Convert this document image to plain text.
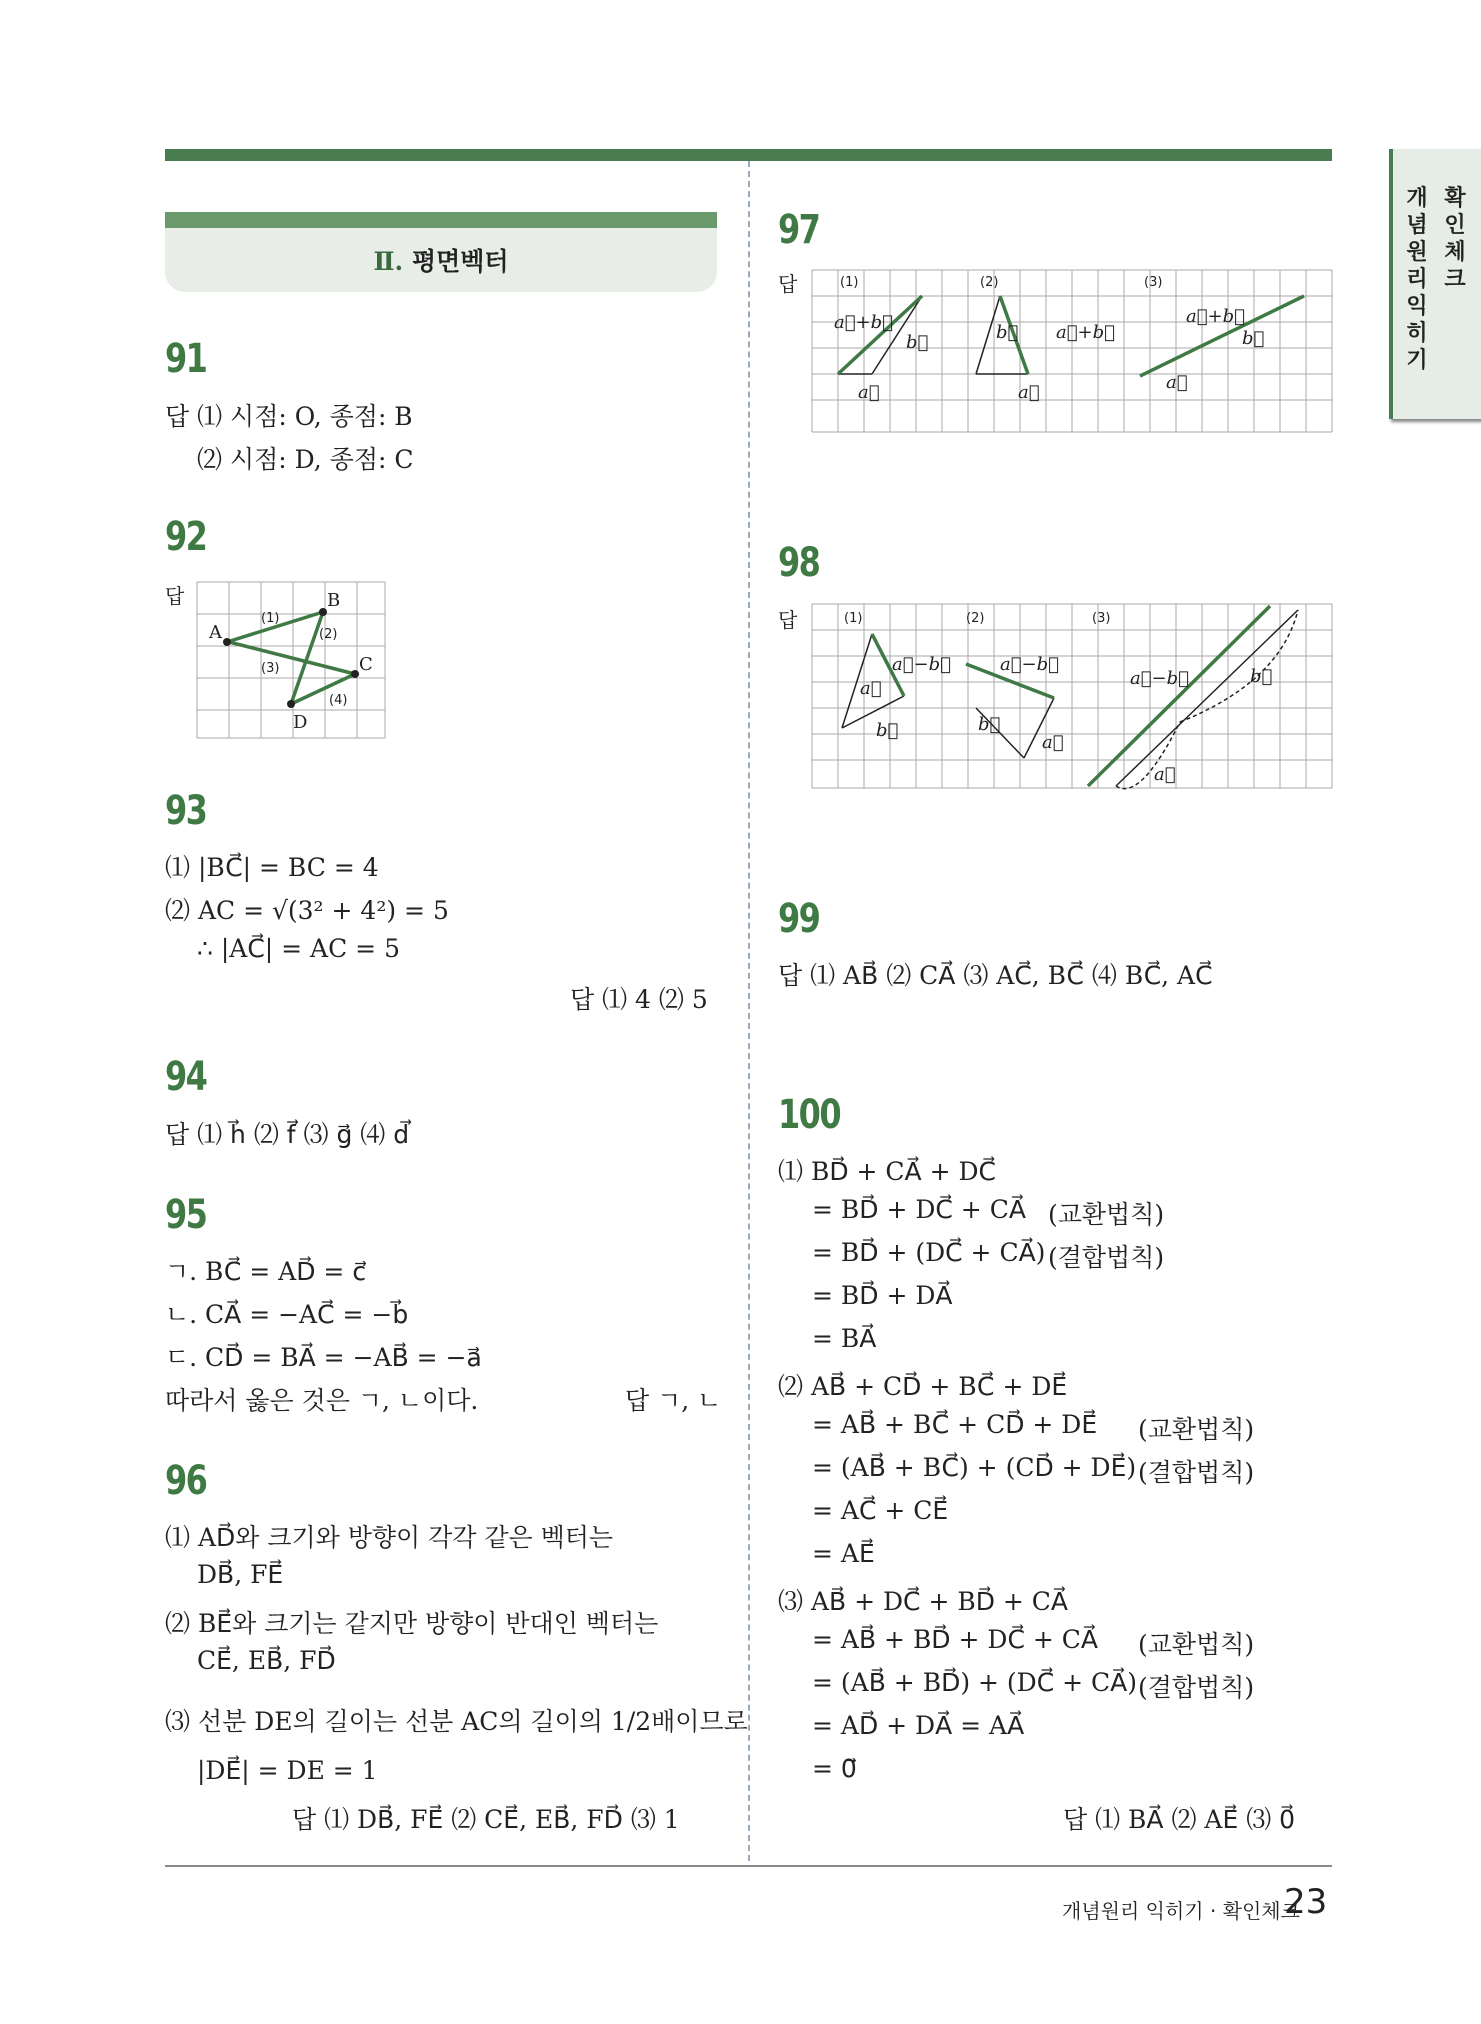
확인체크
개념원리 익히기
Ⅱ. 평면벡터
91
답 ⑴ 시점: O, 종점: B
⑵ 시점: D, 종점: C
92
답
A
B
C
D
(1)
(2)
(3)
(4)
93
⑴ |BC⃗| = BC = 4
⑵ AC = √(3² + 4²) = 5
∴ |AC⃗| = AC = 5
답 ⑴ 4 ⑵ 5
94
답 ⑴ h⃗ ⑵ f⃗ ⑶ g⃗ ⑷ d⃗
95
ㄱ. BC⃗ = AD⃗ = c⃗
ㄴ. CA⃗ = −AC⃗ = −b⃗
ㄷ. CD⃗ = BA⃗ = −AB⃗ = −a⃗
따라서 옳은 것은 ㄱ, ㄴ이다.	답 ㄱ, ㄴ
96
⑴ AD⃗와 크기와 방향이 각각 같은 벡터는
DB⃗, FE⃗
⑵ BE⃗와 크기는 같지만 방향이 반대인 벡터는
CE⃗, EB⃗, FD⃗
⑶ 선분 DE의 길이는 선분 AC의 길이의 1/2배이므로
|DE⃗| = DE = 1
답 ⑴ DB⃗, FE⃗ ⑵ CE⃗, EB⃗, FD⃗ ⑶ 1
97
답	(1)	(2)	(3)
a⃗+b⃗
b⃗
a⃗
b⃗ a⃗+b⃗
a⃗
a⃗+b⃗
b⃗
a⃗
98
답	(1)	(2)	(3)
a⃗
a⃗−b⃗
b⃗
a⃗−b⃗
b⃗
a⃗
a⃗−b⃗	b⃗
a⃗
99
답 ⑴ AB⃗ ⑵ CA⃗ ⑶ AC⃗, BC⃗ ⑷ BC⃗, AC⃗
100
⑴ BD⃗ + CA⃗ + DC⃗
= BD⃗ + DC⃗ + CA⃗ (교환법칙)
= BD⃗ + (DC⃗ + CA⃗) (결합법칙)
= BD⃗ + DA⃗
= BA⃗
⑵ AB⃗ + CD⃗ + BC⃗ + DE⃗
= AB⃗ + BC⃗ + CD⃗ + DE⃗ (교환법칙)
= (AB⃗ + BC⃗) + (CD⃗ + DE⃗) (결합법칙)
= AC⃗ + CE⃗
= AE⃗
⑶ AB⃗ + DC⃗ + BD⃗ + CA⃗
= AB⃗ + BD⃗ + DC⃗ + CA⃗ (교환법칙)
= (AB⃗ + BD⃗) + (DC⃗ + CA⃗) (결합법칙)
= AD⃗ + DA⃗ = AA⃗
= 0⃗
답 ⑴ BA⃗ ⑵ AE⃗ ⑶ 0⃗
개념원리 익히기 · 확인체크
23
